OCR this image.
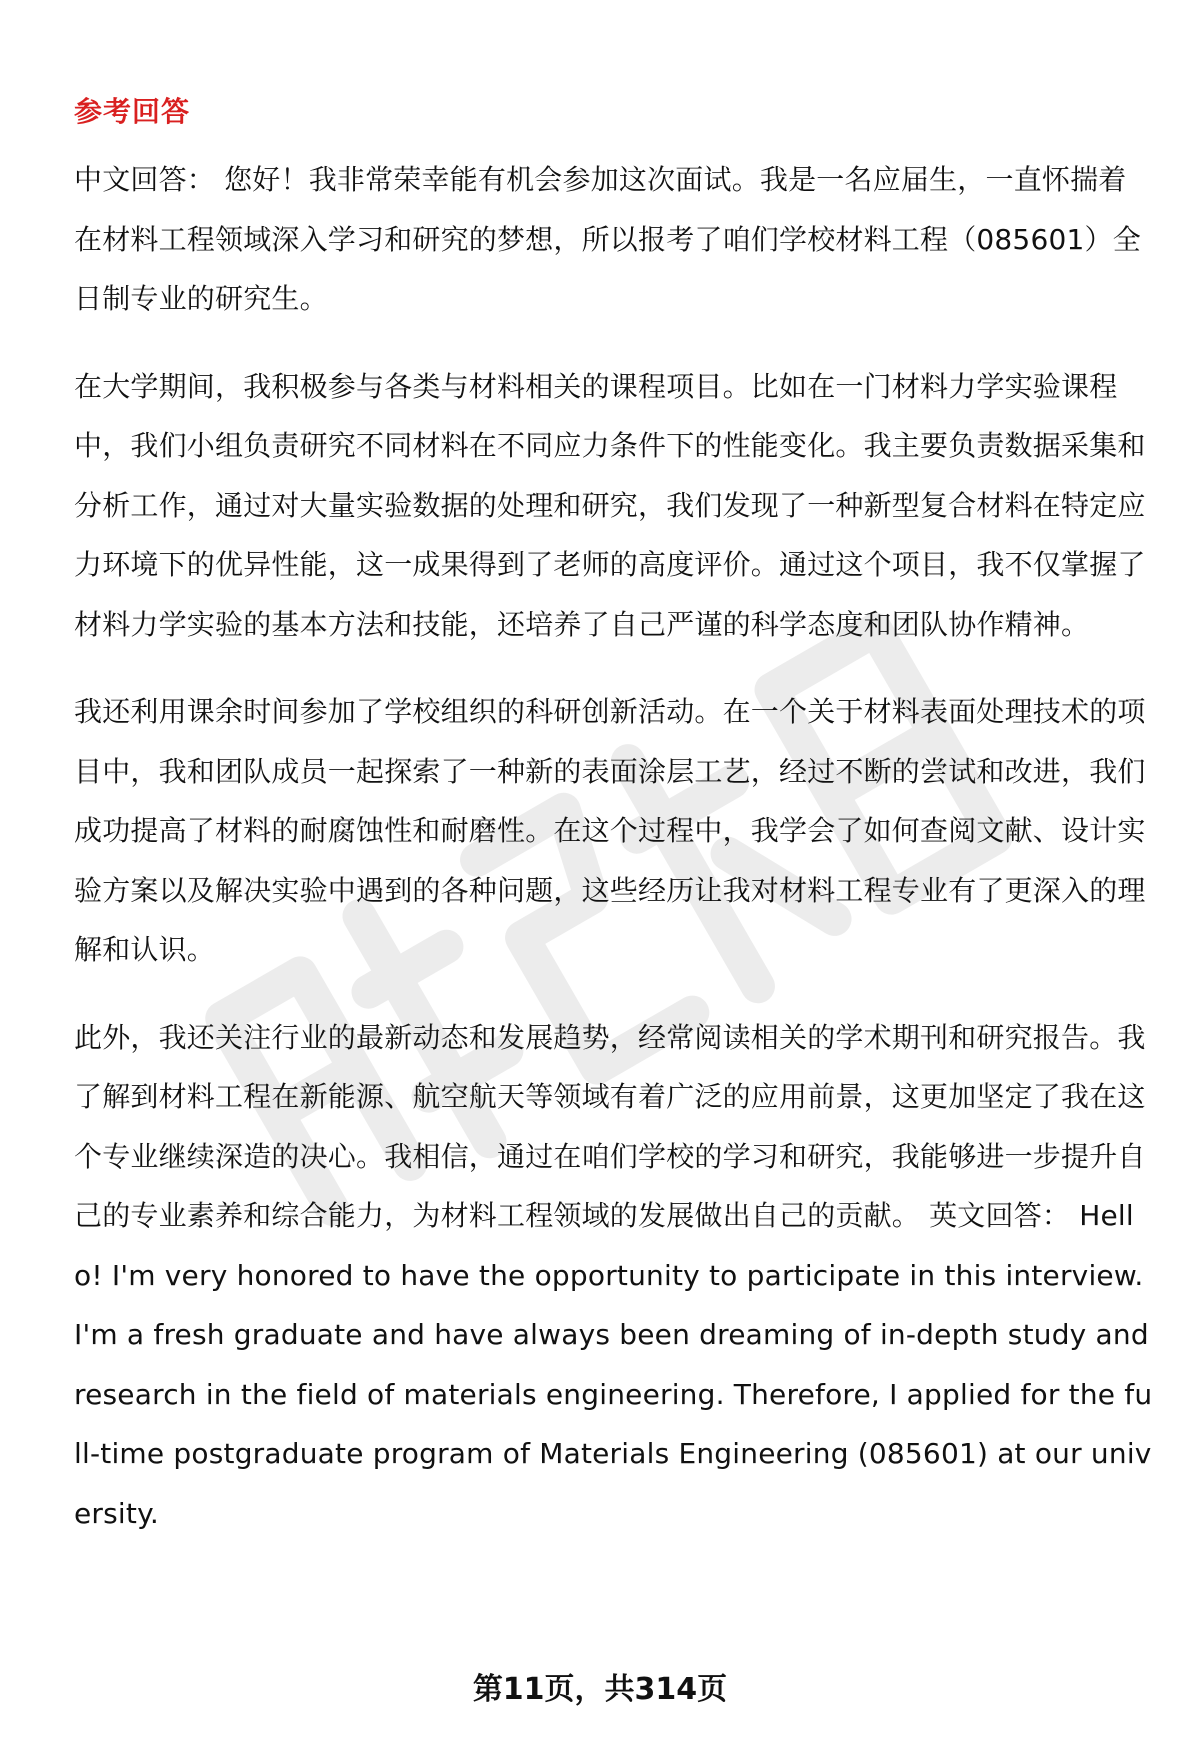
参考回答

中文回答： 您好！我非常荣幸能有机会参加这次面试。我是一名应届生，一直怀揣着在材料工程领域深入学习和研究的梦想，所以报考了咱们学校材料工程（085601）全日制专业的研究生。

在大学期间，我积极参与各类与材料相关的课程项目。比如在一门材料力学实验课程中，我们小组负责研究不同材料在不同应力条件下的性能变化。我主要负责数据采集和分析工作，通过对大量实验数据的处理和研究，我们发现了一种新型复合材料在特定应力环境下的优异性能，这一成果得到了老师的高度评价。通过这个项目，我不仅掌握了材料力学实验的基本方法和技能，还培养了自己严谨的科学态度和团队协作精神。

我还利用课余时间参加了学校组织的科研创新活动。在一个关于材料表面处理技术的项目中，我和团队成员一起探索了一种新的表面涂层工艺，经过不断的尝试和改进，我们成功提高了材料的耐腐蚀性和耐磨性。在这个过程中，我学会了如何查阅文献、设计实验方案以及解决实验中遇到的各种问题，这些经历让我对材料工程专业有了更深入的理解和认识。

此外，我还关注行业的最新动态和发展趋势，经常阅读相关的学术期刊和研究报告。我了解到材料工程在新能源、航空航天等领域有着广泛的应用前景，这更加坚定了我在这个专业继续深造的决心。我相信，通过在咱们学校的学习和研究，我能够进一步提升自己的专业素养和综合能力，为材料工程领域的发展做出自己的贡献。 英文回答： Hello! I'm very honored to have the opportunity to participate in this interview. I'm a fresh graduate and have always been dreaming of in-depth study and research in the field of materials engineering. Therefore, I applied for the full-time postgraduate program of Materials Engineering (085601) at our university.

第11页，共314页
